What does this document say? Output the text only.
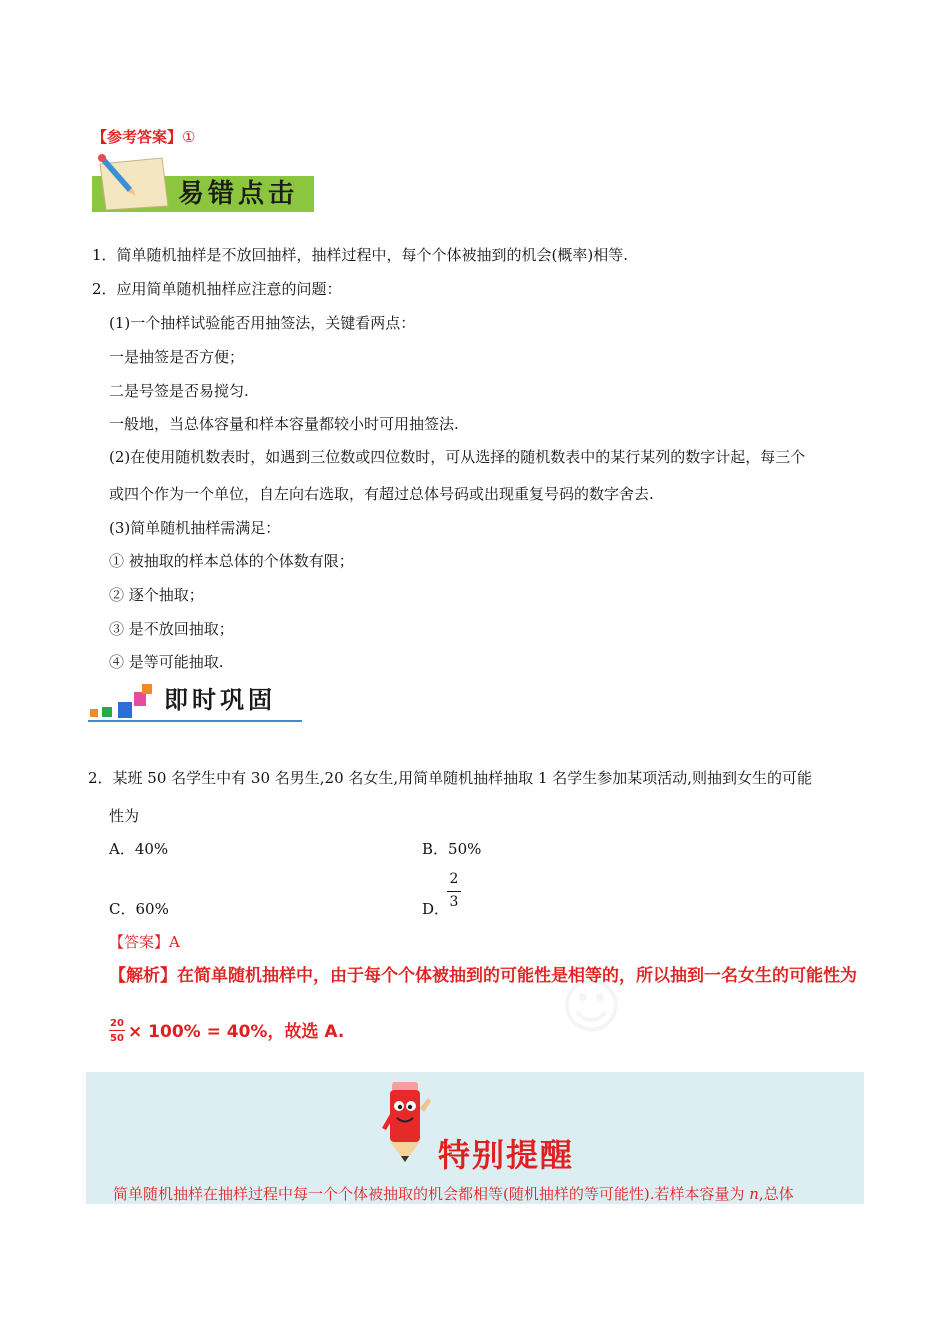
【参考答案】①
易错点击
1．简单随机抽样是不放回抽样，抽样过程中，每个个体被抽到的机会(概率)相等.
2．应用简单随机抽样应注意的问题：
(1)一个抽样试验能否用抽签法，关键看两点：
一是抽签是否方便；
二是号签是否易搅匀.
一般地，当总体容量和样本容量都较小时可用抽签法.
(2)在使用随机数表时，如遇到三位数或四位数时，可从选择的随机数表中的某行某列的数字计起，每三个
或四个作为一个单位，自左向右选取，有超过总体号码或出现重复号码的数字舍去.
(3)简单随机抽样需满足：
① 被抽取的样本总体的个体数有限；
② 逐个抽取；
③ 是不放回抽取；
④ 是等可能抽取.
即时巩固
2．某班 50 名学生中有 30 名男生,20 名女生,用简单随机抽样抽取 1 名学生参加某项活动,则抽到女生的可能
性为
A．40%	B．50%
C．60%	D．
2
3
【答案】A
☺
【解析】在简单随机抽样中，由于每个个体被抽到的可能性是相等的，所以抽到一名女生的可能性为
20
50 × 100% = 40%，故选 A.
特别提醒
简单随机抽样在抽样过程中每一个个体被抽取的机会都相等(随机抽样的等可能性).若样本容量为 n,总体
